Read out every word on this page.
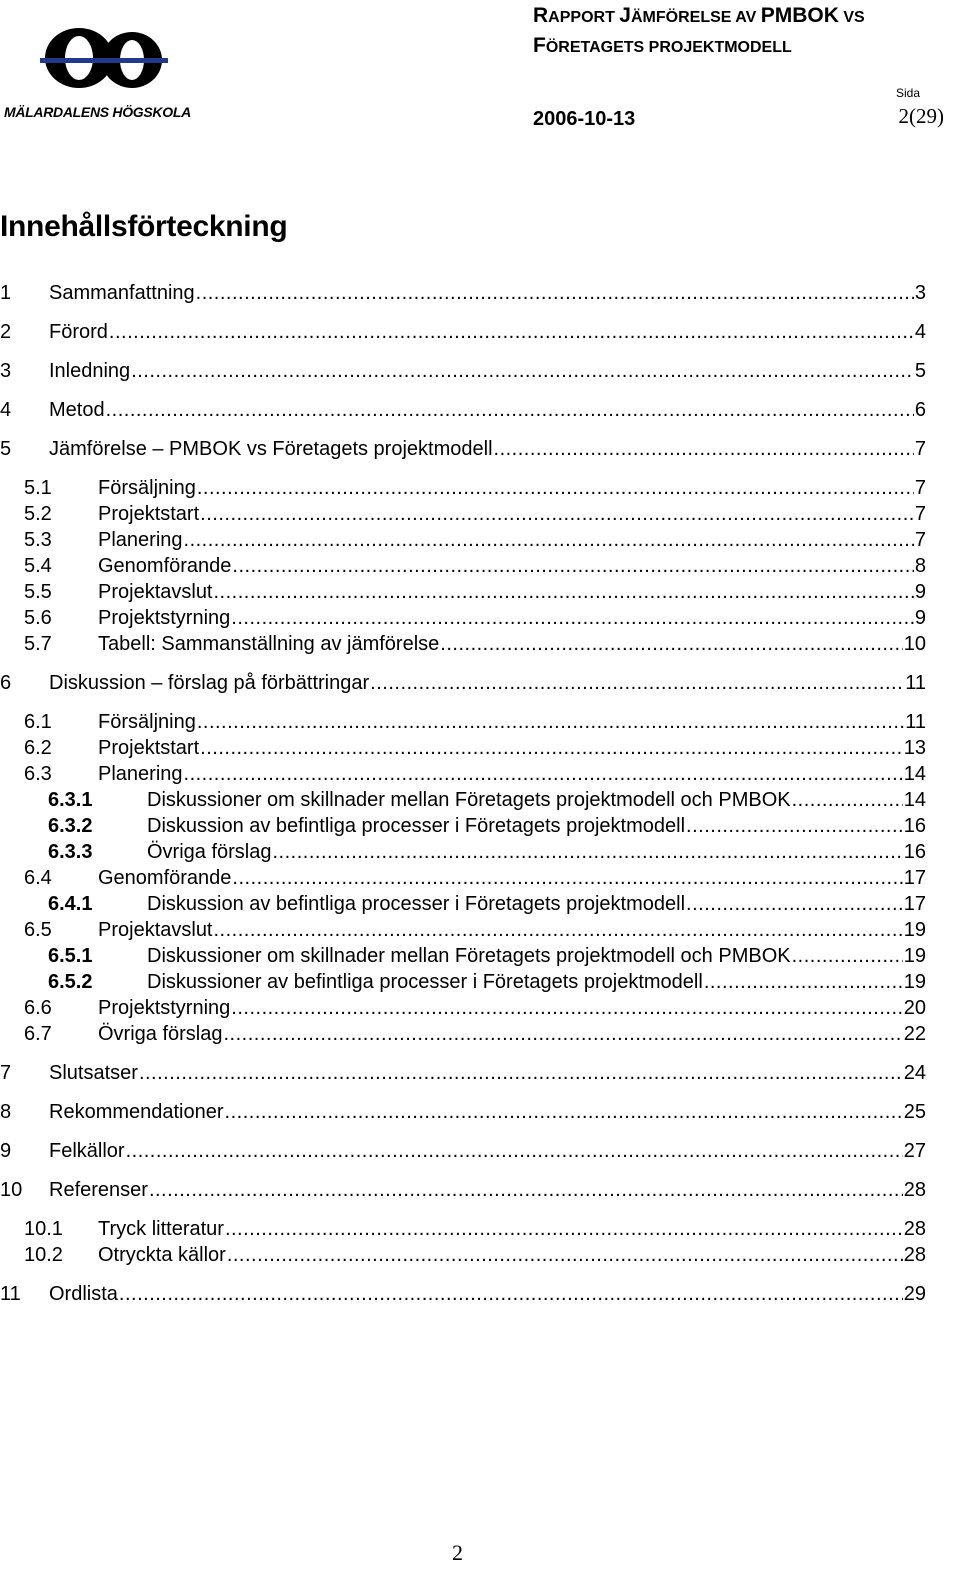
MÄLARDALENS HÖGSKOLA
RAPPORT JÄMFÖRELSE AV PMBOK VS
FÖRETAGETS PROJEKTMODELL
Sida
2006-10-13	2(29)
Innehållsförteckning
1	Sammanfattning .....	3
2	Förord .....	4
3	Inledning .....	5
4	Metod .....	6
5	Jämförelse – PMBOK vs Företagets projektmodell .....	7
5.1	Försäljning .....	7
5.2	Projektstart .....	7
5.3	Planering .....	7
5.4	Genomförande .....	8
5.5	Projektavslut .....	9
5.6	Projektstyrning .....	9
5.7	Tabell: Sammanställning av jämförelse .....	10
6	Diskussion – förslag på förbättringar .....	11
6.1	Försäljning .....	11
6.2	Projektstart .....	13
6.3	Planering .....	14
6.3.1	Diskussioner om skillnader mellan Företagets projektmodell och PMBOK .....	14
6.3.2	Diskussion av befintliga processer i Företagets projektmodell .....	16
6.3.3	Övriga förslag .....	16
6.4	Genomförande .....	17
6.4.1	Diskussion av befintliga processer i Företagets projektmodell .....	17
6.5	Projektavslut .....	19
6.5.1	Diskussioner om skillnader mellan Företagets projektmodell och PMBOK .....	19
6.5.2	Diskussioner av befintliga processer i Företagets projektmodell .....	19
6.6	Projektstyrning .....	20
6.7	Övriga förslag .....	22
7	Slutsatser .....	24
8	Rekommendationer .....	25
9	Felkällor .....	27
10	Referenser .....	28
10.1	Tryck litteratur .....	28
10.2	Otryckta källor .....	28
11	Ordlista .....	29
2
